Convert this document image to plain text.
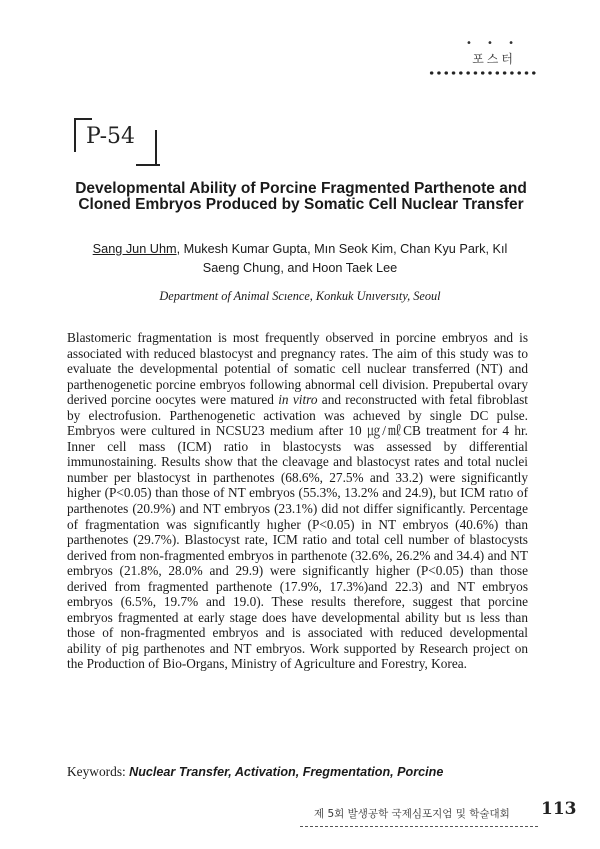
• • •
포스터
P-54
Developmental Ability of Porcine Fragmented Parthenote and Cloned Embryos Produced by Somatic Cell Nuclear Transfer
Sang Jun Uhm, Mukesh Kumar Gupta, Mın Seok Kim, Chan Kyu Park, Kıl Saeng Chung, and Hoon Taek Lee
Department of Animal Scıence, Konkuk Unıversıty, Seoul

Blastomeric fragmentation is most frequently observed in porcine embryos and is associated with reduced blastocyst and pregnancy rates. The aim of this study was to evaluate the developmental potential of somatic cell nuclear transferred (NT) and parthenogenetic porcine embryos following abnormal cell division. Prepubertal ovary derived porcine oocytes were matured in vitro and reconstructed with fetal fibroblast by electrofusion. Parthenogenetic activation was achıeved by single DC pulse. Embryos were cultured in NCSU23 medium after 10 ㎍/㎖CB treatment for 4 hr. Inner cell mass (ICM) ratio in blastocysts was assessed by differential immunostaining. Results show that the cleavage and blastocyst rates and total nuclei number per blastocyst in parthenotes (68.6%, 27.5% and 33.2) were significantly higher (P<0.05) than those of NT embryos (55.3%, 13.2% and 24.9), but ICM ratıo of parthenotes (20.9%) and NT embryos (23.1%) did not differ significantly. Percentage of fragmentation was signıficantly hıgher (P<0.05) in NT embryos (40.6%) than parthenotes (29.7%). Blastocyst rate, ICM ratio and total cell number of blastocysts derived from non-fragmented embryos in parthenote (32.6%, 26.2% and 34.4) and NT embryos (21.8%, 28.0% and 29.9) were significantly higher (P<0.05) than those derived from fragmented parthenote (17.9%, 17.3%)and 22.3) and NT embryos embryos (6.5%, 19.7% and 19.0). These results therefore, suggest that porcine embryos fragmented at early stage does have developmental ability but ıs less than those of non-fragmented embryos and is associated with reduced developmental ability of pig parthenotes and NT embryos. Work supported by Research project on the Production of Bio-Organs, Ministry of Agriculture and Forestry, Korea.

Keywords: Nuclear Transfer, Activation, Fregmentation, Porcine
제 5회 발생공학 국제심포지엄 및 학술대회 113
